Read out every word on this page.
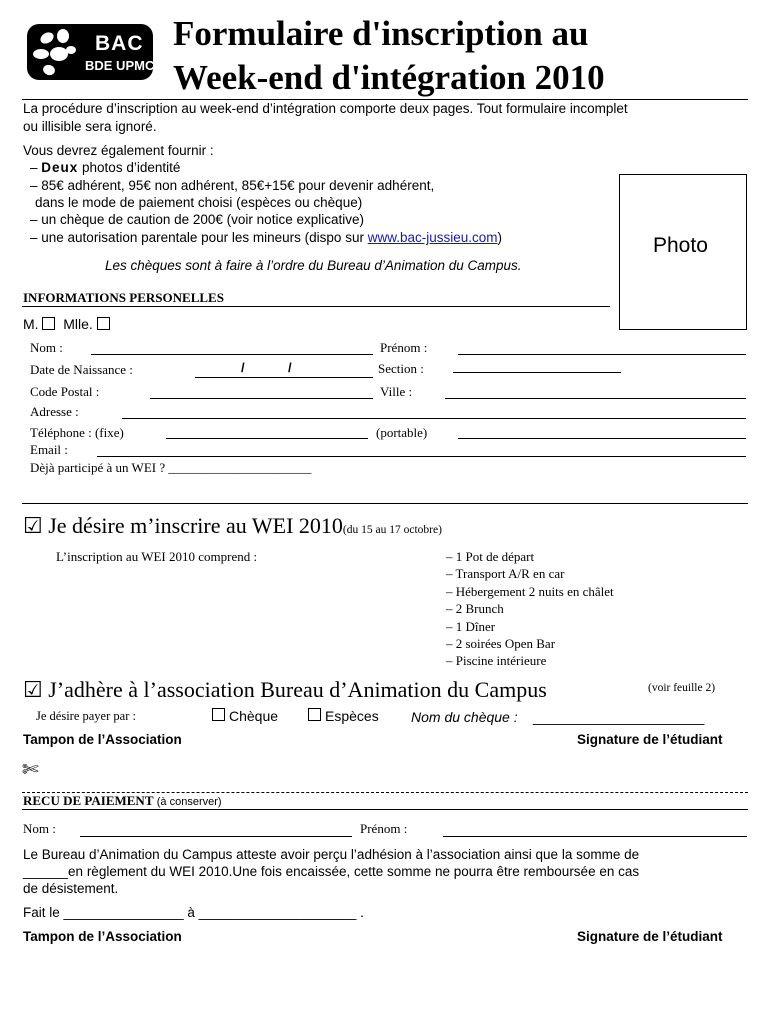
BAC
BDE UPMC
Formulaire d'inscription au
Week-end d'intégration 2010
La procédure d’inscription au week-end d’intégration comporte deux pages. Tout formulaire incomplet
ou illisible sera ignoré.
Vous devrez également fournir :
– Deux photos d’identité
– 85€ adhérent, 95€ non adhérent, 85€+15€ pour devenir adhérent,
dans le mode de paiement choisi (espèces ou chèque)
– un chèque de caution de 200€ (voir notice explicative)
– une autorisation parentale pour les mineurs (dispo sur www.bac-jussieu.com)
Les chèques sont à faire à l’ordre du Bureau d’Animation du Campus.
Photo
INFORMATIONS PERSONELLES
M. Mlle.
Nom :	Prénom :
Date de Naissance :	/	/	Section :
Code Postal :	Ville :
Adresse :
Téléphone : (fixe)	(portable)
Email :
Dèjà participé à un WEI ? ______________________
☑ Je désire m’inscrire au WEI 2010(du 15 au 17 octobre)
L’inscription au WEI 2010 comprend :	– 1 Pot de départ
– Transport A/R en car
– Hébergement 2 nuits en châlet
– 2 Brunch
– 1 Dîner
– 2 soirées Open Bar
– Piscine intérieure
☑ J’adhère à l’association Bureau d’Animation du Campus	(voir feuille 2)
Je désire payer par :	Chèque	Espèces Nom du chèque : ______________________
Tampon de l’Association	Signature de l’étudiant
✄
RECU DE PAIEMENT (à conserver)
Nom :	Prénom :
Le Bureau d’Animation du Campus atteste avoir perçu l’adhésion à l’association ainsi que la somme de
______en règlement du WEI 2010.Une fois encaissée, cette somme ne pourra être remboursée en cas
de désistement.
Fait le ________________ à _____________________ .
Tampon de l’Association	Signature de l’étudiant
